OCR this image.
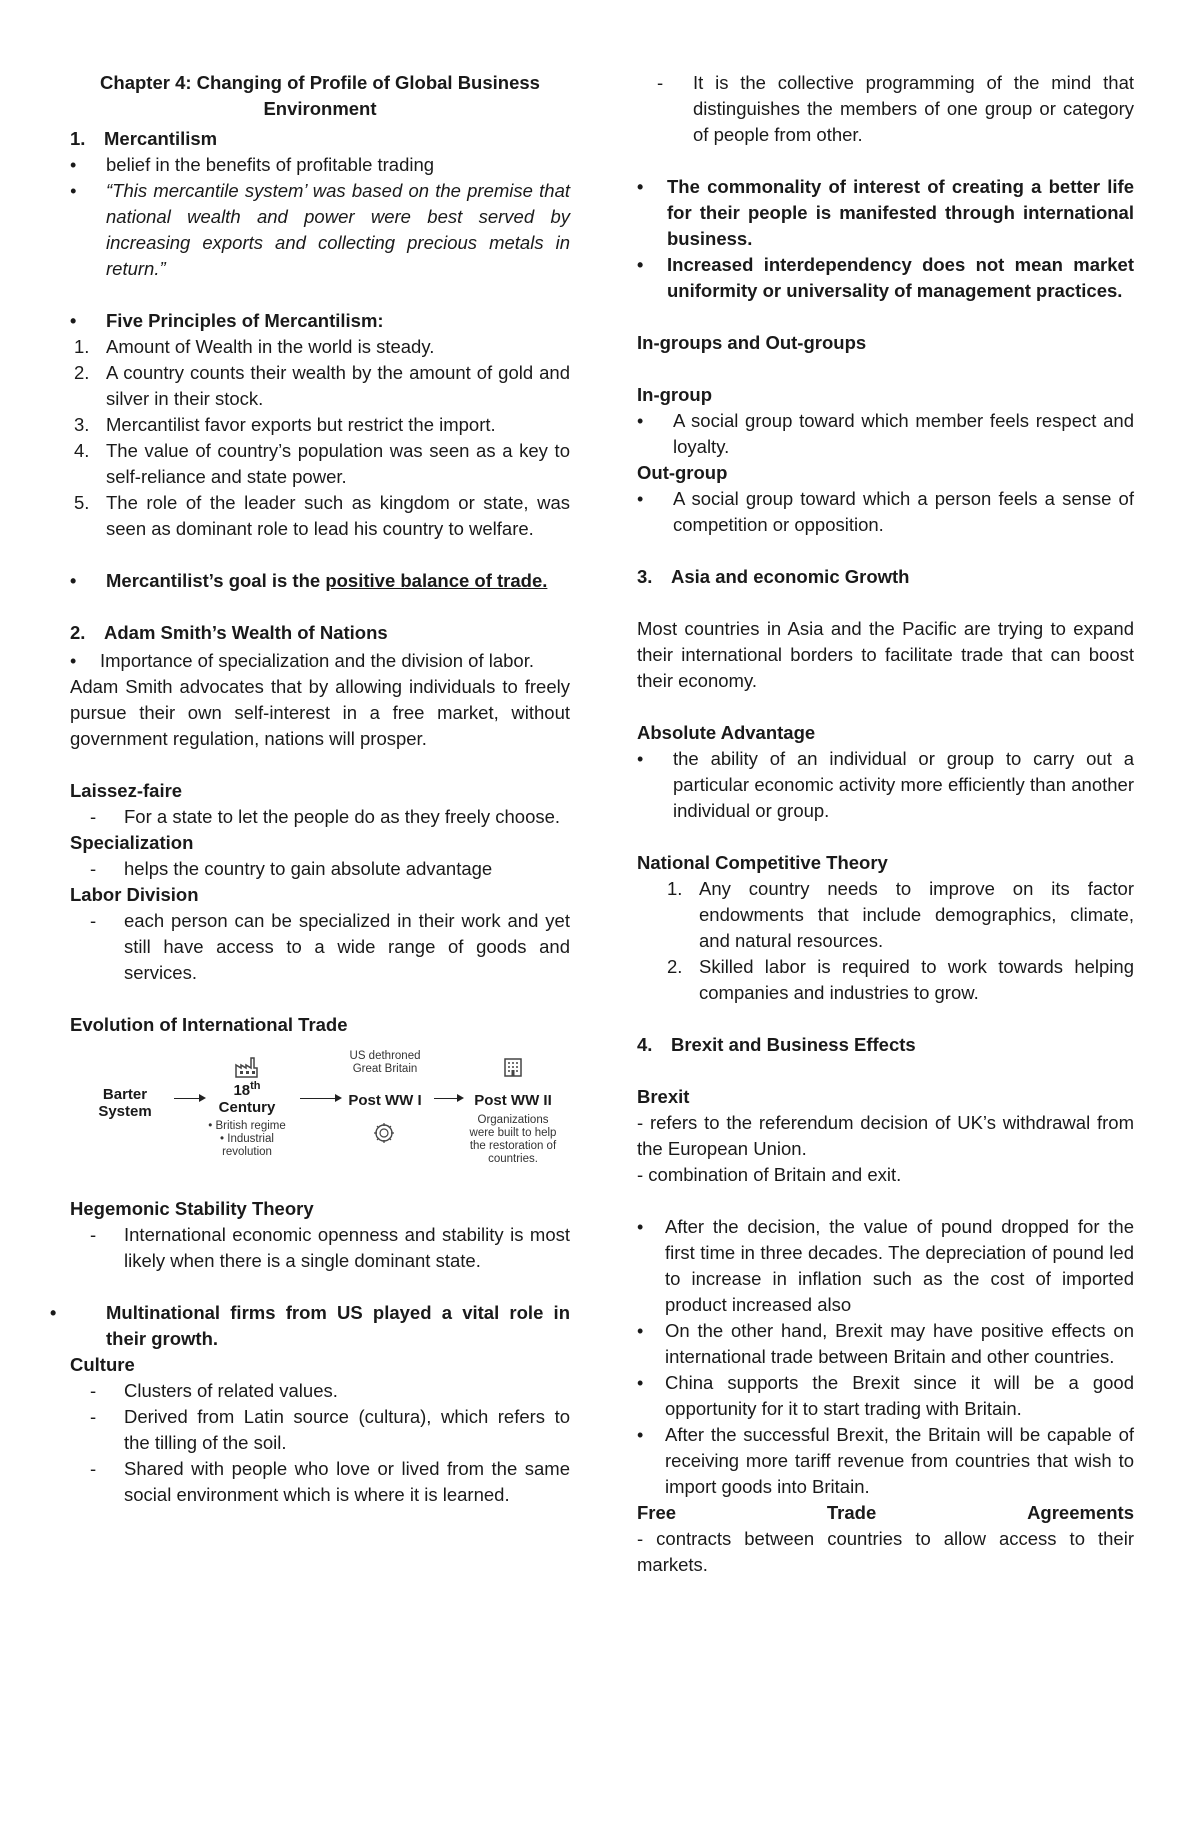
Chapter 4: Changing of Profile of Global Business Environment
1. Mercantilism
• belief in the benefits of profitable trading
• “This mercantile system’ was based on the premise that national wealth and power were best served by increasing exports and collecting precious metals in return.”
• Five Principles of Mercantilism:
1. Amount of Wealth in the world is steady.
2. A country counts their wealth by the amount of gold and silver in their stock.
3. Mercantilist favor exports but restrict the import.
4. The value of country’s population was seen as a key to self-reliance and state power.
5. The role of the leader such as kingdom or state, was seen as dominant role to lead his country to welfare.
• Mercantilist’s goal is the positive balance of trade.
2. Adam Smith’s Wealth of Nations
• Importance of specialization and the division of labor.

Adam Smith advocates that by allowing individuals to freely pursue their own self-interest in a free market, without government regulation, nations will prosper.

Laissez-faire
- For a state to let the people do as they freely choose.
Specialization
- helps the country to gain absolute advantage
Labor Division
- each person can be specialized in their work and yet still have access to a wide range of goods and services.
Evolution of International Trade
Barter System
18th
Century
• British regime
• Industrial revolution
US dethroned Great Britain
Post WW I	Post WW II
Organizations were built to help the restoration of countries.
Hegemonic Stability Theory
- International economic openness and stability is most likely when there is a single dominant state.
• Multinational firms from US played a vital role in their growth.
Culture
- Clusters of related values.
- Derived from Latin source (cultura), which refers to the tilling of the soil.
- Shared with people who love or lived from the same social environment which is where it is learned.
- It is the collective programming of the mind that distinguishes the members of one group or category of people from other.
• The commonality of interest of creating a better life for their people is manifested through international business.
• Increased interdependency does not mean market uniformity or universality of management practices.
In-groups and Out-groups
In-group
• A social group toward which member feels respect and loyalty.
Out-group
• A social group toward which a person feels a sense of competition or opposition.
3. Asia and economic Growth

Most countries in Asia and the Pacific are trying to expand their international borders to facilitate trade that can boost their economy.

Absolute Advantage
• the ability of an individual or group to carry out a particular economic activity more efficiently than another individual or group.
National Competitive Theory
1. Any country needs to improve on its factor endowments that include demographics, climate, and natural resources.
2. Skilled labor is required to work towards helping companies and industries to grow.
4. Brexit and Business Effects
Brexit

- refers to the referendum decision of UK’s withdrawal from the European Union.

- combination of Britain and exit.

• After the decision, the value of pound dropped for the first time in three decades. The depreciation of pound led to increase in inflation such as the cost of imported product increased also
• On the other hand, Brexit may have positive effects on international trade between Britain and other countries.
• China supports the Brexit since it will be a good opportunity for it to start trading with Britain.
• After the successful Brexit, the Britain will be capable of receiving more tariff revenue from countries that wish to import goods into Britain.
Free	Trade	Agreements

- contracts between countries to allow access to their markets.
